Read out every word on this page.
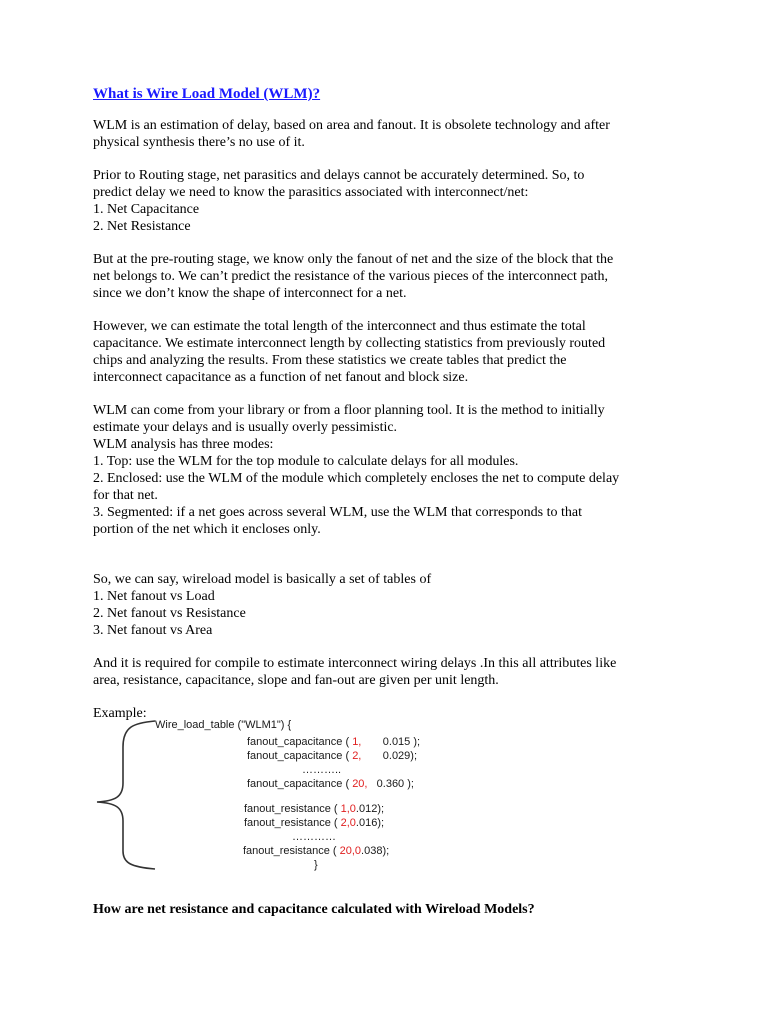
What is Wire Load Model (WLM)?

WLM is an estimation of delay, based on area and fanout. It is obsolete technology and after
physical synthesis there’s no use of it.

Prior to Routing stage, net parasitics and delays cannot be accurately determined. So, to
predict delay we need to know the parasitics associated with interconnect/net:
1. Net Capacitance
2. Net Resistance

But at the pre-routing stage, we know only the fanout of net and the size of the block that the
net belongs to. We can’t predict the resistance of the various pieces of the interconnect path,
since we don’t know the shape of interconnect for a net.

However, we can estimate the total length of the interconnect and thus estimate the total
capacitance. We estimate interconnect length by collecting statistics from previously routed
chips and analyzing the results. From these statistics we create tables that predict the
interconnect capacitance as a function of net fanout and block size.

WLM can come from your library or from a floor planning tool. It is the method to initially
estimate your delays and is usually overly pessimistic.
WLM analysis has three modes:
1. Top: use the WLM for the top module to calculate delays for all modules.
2. Enclosed: use the WLM of the module which completely encloses the net to compute delay
for that net.
3. Segmented: if a net goes across several WLM, use the WLM that corresponds to that
portion of the net which it encloses only.

So, we can say, wireload model is basically a set of tables of
1. Net fanout vs Load
2. Net fanout vs Resistance
3. Net fanout vs Area

And it is required for compile to estimate interconnect wiring delays .In this all attributes like
area, resistance, capacitance, slope and fan-out are given per unit length.

Example:
Wire_load_table ("WLM1") {
fanout_capacitance ( 1,       0.015 );
fanout_capacitance ( 2,       0.029);
………..
fanout_capacitance ( 20,   0.360 );
fanout_resistance ( 1,0.012);
fanout_resistance ( 2,0.016);
…………
fanout_resistance ( 20,0.038);
}
How are net resistance and capacitance calculated with Wireload Models?
